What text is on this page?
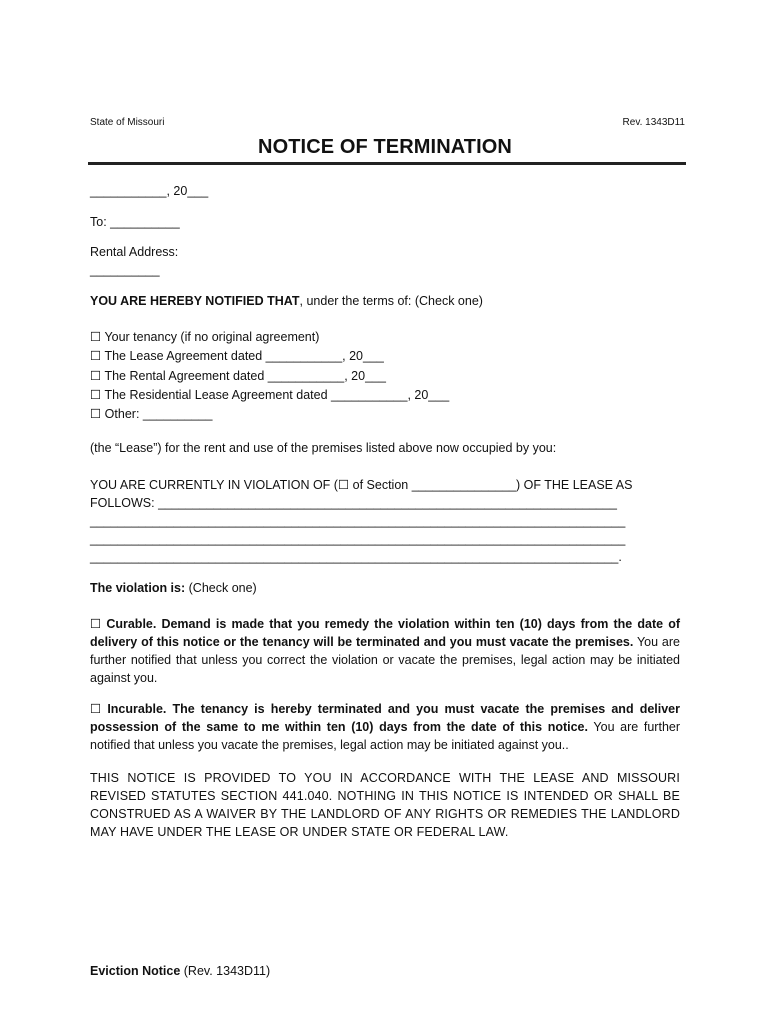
State of Missouri	Rev. 1343D11
NOTICE OF TERMINATION
___________, 20___
To: __________
Rental Address:
__________
YOU ARE HEREBY NOTIFIED THAT, under the terms of: (Check one)
☐ Your tenancy (if no original agreement)
☐ The Lease Agreement dated ___________, 20___
☐ The Rental Agreement dated ___________, 20___
☐ The Residential Lease Agreement dated ___________, 20___
☐ Other: __________
(the “Lease”) for the rent and use of the premises listed above now occupied by you:
YOU ARE CURRENTLY IN VIOLATION OF (☐ of Section _______________) OF THE LEASE AS
FOLLOWS: __________________________________________________________________
_____________________________________________________________________________
_____________________________________________________________________________
____________________________________________________________________________.
The violation is: (Check one)
☐ Curable. Demand is made that you remedy the violation within ten (10) days from the date of delivery of this notice or the tenancy will be terminated and you must vacate the premises. You are further notified that unless you correct the violation or vacate the premises, legal action may be initiated against you.
☐ Incurable. The tenancy is hereby terminated and you must vacate the premises and deliver possession of the same to me within ten (10) days from the date of this notice. You are further notified that unless you vacate the premises, legal action may be initiated against you..
THIS NOTICE IS PROVIDED TO YOU IN ACCORDANCE WITH THE LEASE AND MISSOURI REVISED STATUTES SECTION 441.040. NOTHING IN THIS NOTICE IS INTENDED OR SHALL BE CONSTRUED AS A WAIVER BY THE LANDLORD OF ANY RIGHTS OR REMEDIES THE LANDLORD MAY HAVE UNDER THE LEASE OR UNDER STATE OR FEDERAL LAW.
Eviction Notice (Rev. 1343D11)
